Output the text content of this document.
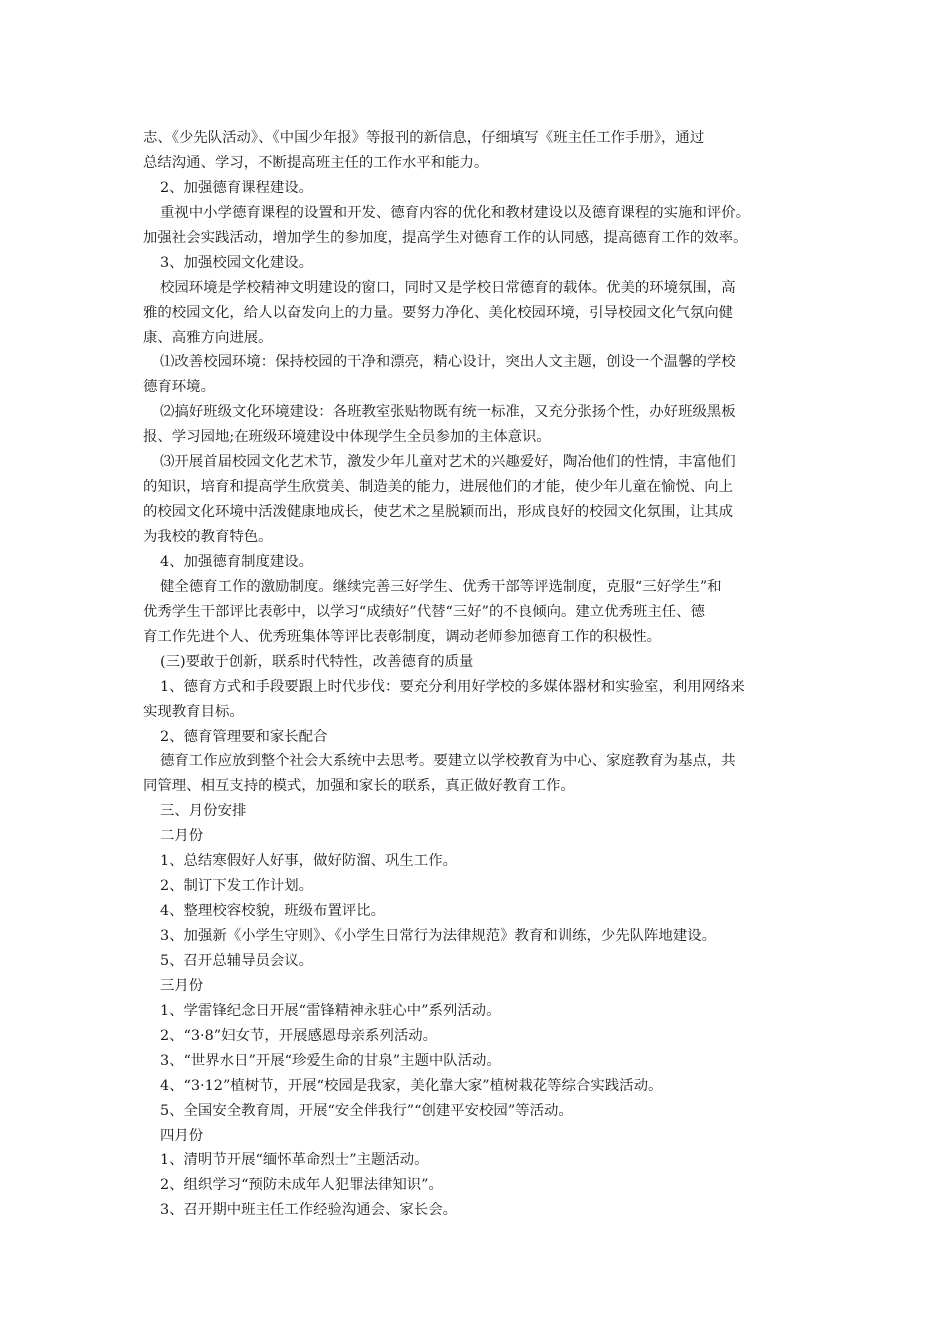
志、《少先队活动》、《中国少年报》等报刊的新信息，仔细填写《班主任工作手册》，通过
总结沟通、学习，不断提高班主任的工作水平和能力。
2、加强德育课程建设。
重视中小学德育课程的设置和开发、德育内容的优化和教材建设以及德育课程的实施和评价。
加强社会实践活动，增加学生的参加度，提高学生对德育工作的认同感，提高德育工作的效率。
3、加强校园文化建设。
校园环境是学校精神文明建设的窗口，同时又是学校日常德育的载体。优美的环境氛围，高
雅的校园文化，给人以奋发向上的力量。要努力净化、美化校园环境，引导校园文化气氛向健
康、高雅方向进展。
⑴改善校园环境：保持校园的干净和漂亮，精心设计，突出人文主题，创设一个温馨的学校
德育环境。
⑵搞好班级文化环境建设：各班教室张贴物既有统一标准，又充分张扬个性，办好班级黑板
报、学习园地;在班级环境建设中体现学生全员参加的主体意识。
⑶开展首届校园文化艺术节，激发少年儿童对艺术的兴趣爱好，陶冶他们的性情，丰富他们
的知识，培育和提高学生欣赏美、制造美的能力，进展他们的才能，使少年儿童在愉悦、向上
的校园文化环境中活泼健康地成长，使艺术之星脱颖而出，形成良好的校园文化氛围，让其成
为我校的教育特色。
4、加强德育制度建设。
健全德育工作的激励制度。继续完善三好学生、优秀干部等评选制度，克服“三好学生”和
优秀学生干部评比表彰中，以学习“成绩好”代替“三好”的不良倾向。建立优秀班主任、德
育工作先进个人、优秀班集体等评比表彰制度，调动老师参加德育工作的积极性。
(三)要敢于创新，联系时代特性，改善德育的质量
1、德育方式和手段要跟上时代步伐：要充分利用好学校的多媒体器材和实验室，利用网络来
实现教育目标。
2、德育管理要和家长配合
德育工作应放到整个社会大系统中去思考。要建立以学校教育为中心、家庭教育为基点，共
同管理、相互支持的模式，加强和家长的联系，真正做好教育工作。
三、月份安排
二月份
1、总结寒假好人好事，做好防溜、巩生工作。
2、制订下发工作计划。
4、整理校容校貌，班级布置评比。
3、加强新《小学生守则》、《小学生日常行为法律规范》教育和训练，少先队阵地建设。
5、召开总辅导员会议。
三月份
1、学雷锋纪念日开展“雷锋精神永驻心中”系列活动。
2、“3·8”妇女节，开展感恩母亲系列活动。
3、“世界水日”开展“珍爱生命的甘泉”主题中队活动。
4、“3·12”植树节，开展“校园是我家，美化靠大家”植树栽花等综合实践活动。
5、全国安全教育周，开展“安全伴我行”“创建平安校园”等活动。
四月份
1、清明节开展“缅怀革命烈士”主题活动。
2、组织学习“预防未成年人犯罪法律知识”。
3、召开期中班主任工作经验沟通会、家长会。
